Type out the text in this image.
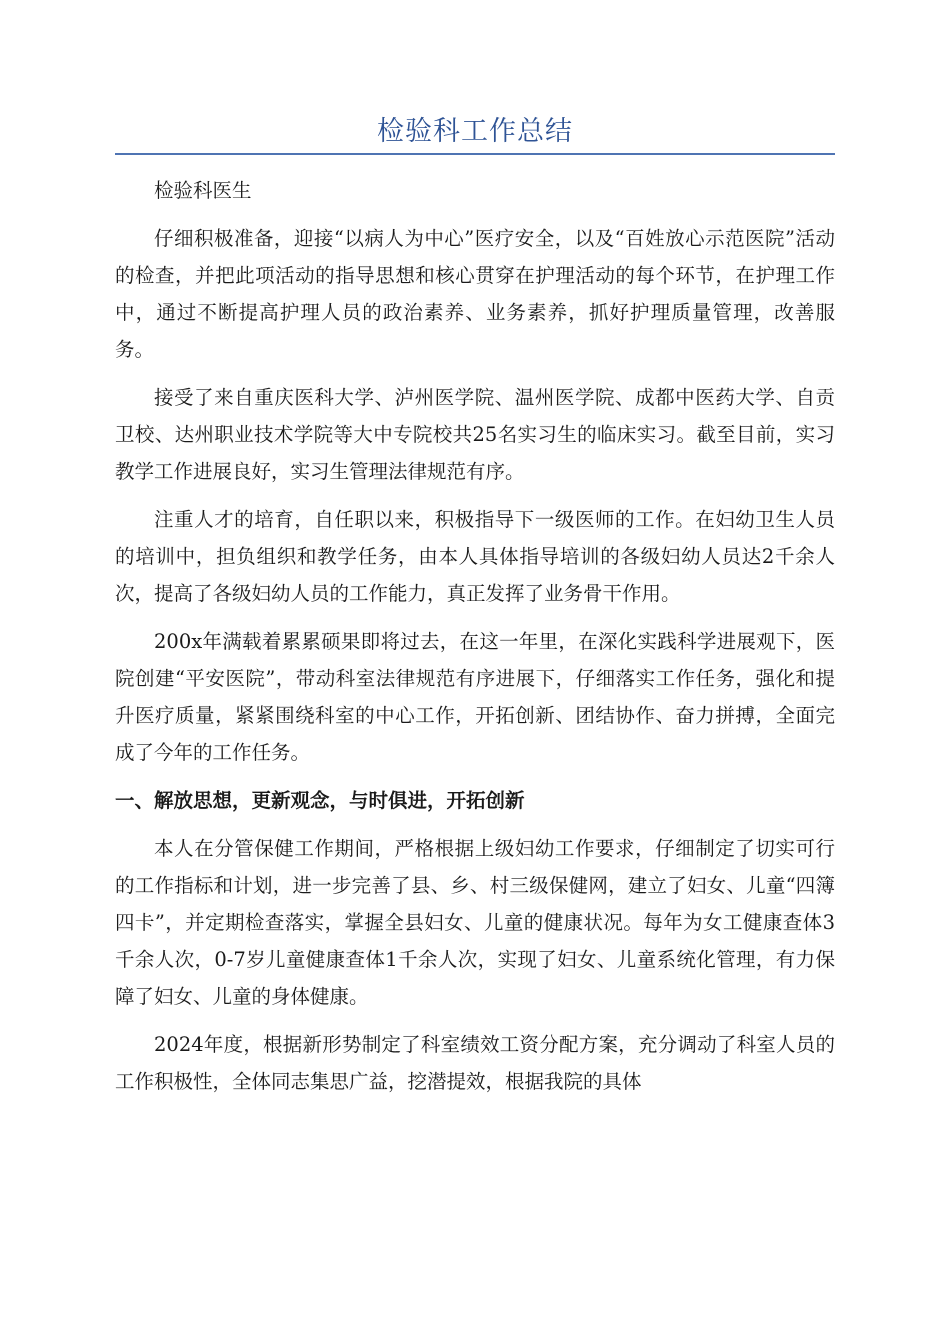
检验科工作总结

检验科医生

仔细积极准备，迎接“以病人为中心”医疗安全，以及“百姓放心示范医院”活动的检查，并把此项活动的指导思想和核心贯穿在护理活动的每个环节，在护理工作中，通过不断提高护理人员的政治素养、业务素养，抓好护理质量管理，改善服务。

接受了来自重庆医科大学、泸州医学院、温州医学院、成都中医药大学、自贡卫校、达州职业技术学院等大中专院校共25名实习生的临床实习。截至目前，实习教学工作进展良好，实习生管理法律规范有序。

注重人才的培育，自任职以来，积极指导下一级医师的工作。在妇幼卫生人员的培训中，担负组织和教学任务，由本人具体指导培训的各级妇幼人员达2千余人次，提高了各级妇幼人员的工作能力，真正发挥了业务骨干作用。

200x年满载着累累硕果即将过去，在这一年里，在深化实践科学进展观下，医院创建“平安医院”，带动科室法律规范有序进展下，仔细落实工作任务，强化和提升医疗质量，紧紧围绕科室的中心工作，开拓创新、团结协作、奋力拼搏，全面完成了今年的工作任务。

一、解放思想，更新观念，与时俱进，开拓创新

本人在分管保健工作期间，严格根据上级妇幼工作要求，仔细制定了切实可行的工作指标和计划，进一步完善了县、乡、村三级保健网，建立了妇女、儿童“四簿四卡”，并定期检查落实，掌握全县妇女、儿童的健康状况。每年为女工健康查体3千余人次，0-7岁儿童健康查体1千余人次，实现了妇女、儿童系统化管理，有力保障了妇女、儿童的身体健康。

2024年度，根据新形势制定了科室绩效工资分配方案，充分调动了科室人员的工作积极性，全体同志集思广益，挖潜提效，根据我院的具体
